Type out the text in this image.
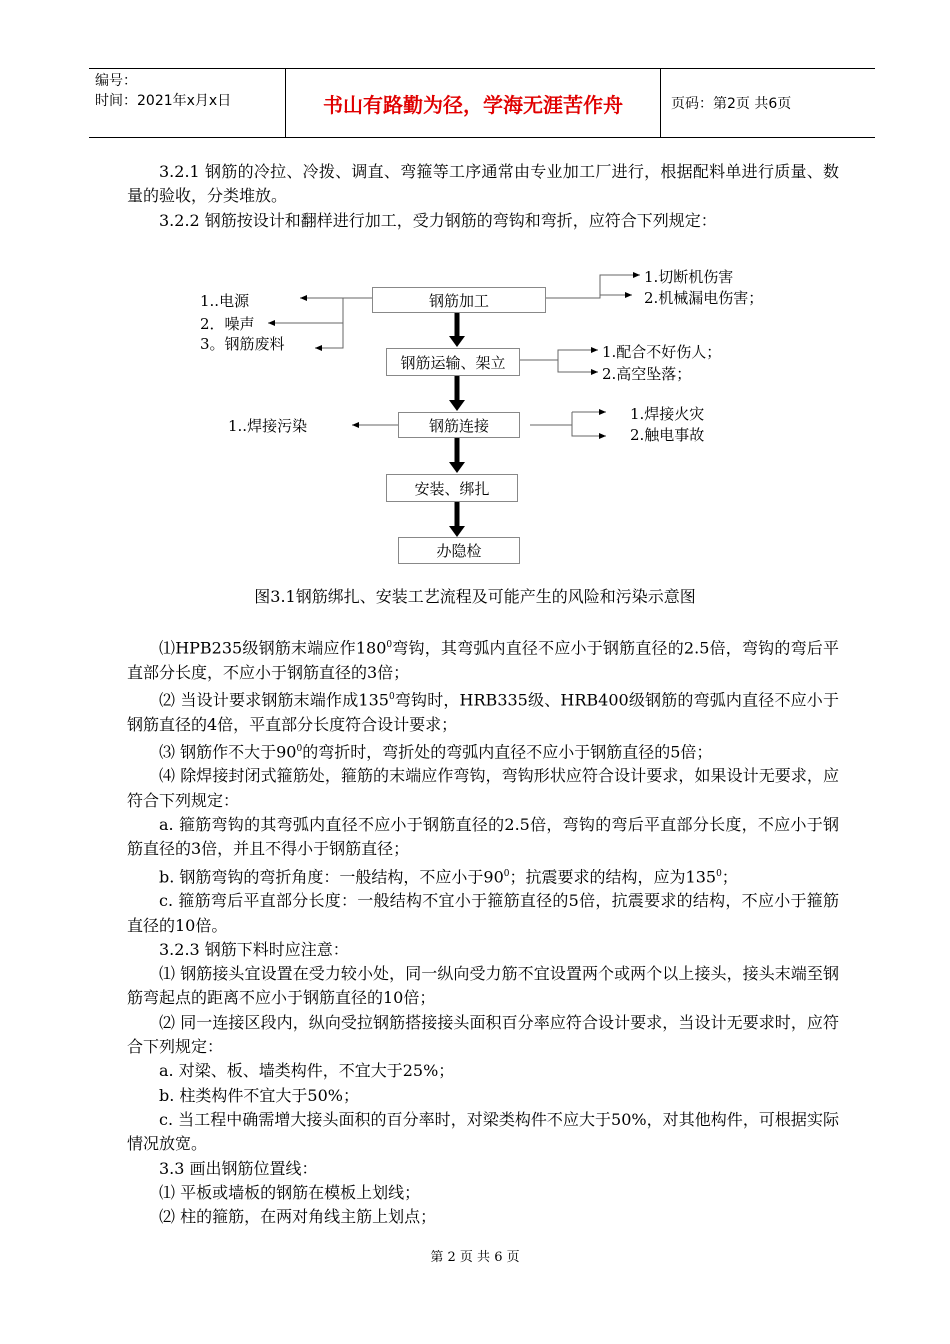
编号：
时间：2021年x月x日	书山有路勤为径，学海无涯苦作舟	页码：第2页 共6页

3.2.1 钢筋的冷拉、冷拨、调直、弯箍等工序通常由专业加工厂进行，根据配料单进行质量、数量的验收，分类堆放。

3.2.2 钢筋按设计和翻样进行加工，受力钢筋的弯钩和弯折，应符合下列规定：

钢筋加工
钢筋运输、架立
钢筋连接
安装、绑扎
办隐检
1..电源
2．噪声
3。钢筋废料
1.切断机伤害
2.机械漏电伤害；
1.配合不好伤人；
2.高空坠落；
1..焊接污染
1.焊接火灾
2.触电事故
图3.1钢筋绑扎、安装工艺流程及可能产生的风险和污染示意图

⑴HPB235级钢筋末端应作$180^0$弯钩，其弯弧内直径不应小于钢筋直径的2.5倍，弯钩的弯后平直部分长度，不应小于钢筋直径的3倍；

⑵ 当设计要求钢筋末端作成$135^0$弯钩时，HRB335级、HRB400级钢筋的弯弧内直径不应小于钢筋直径的4倍，平直部分长度符合设计要求；

⑶ 钢筋作不大于$90^0$的弯折时，弯折处的弯弧内直径不应小于钢筋直径的5倍；

⑷ 除焊接封闭式箍筋处，箍筋的末端应作弯钩，弯钩形状应符合设计要求，如果设计无要求，应符合下列规定：

a. 箍筋弯钩的其弯弧内直径不应小于钢筋直径的2.5倍，弯钩的弯后平直部分长度，不应小于钢筋直径的3倍，并且不得小于钢筋直径；

b. 钢筋弯钩的弯折角度：一般结构，不应小于$90^0$；抗震要求的结构，应为$135^0$；

c. 箍筋弯后平直部分长度：一般结构不宜小于箍筋直径的5倍，抗震要求的结构，不应小于箍筋直径的10倍。

3.2.3 钢筋下料时应注意：

⑴ 钢筋接头宜设置在受力较小处，同一纵向受力筋不宜设置两个或两个以上接头，接头末端至钢筋弯起点的距离不应小于钢筋直径的10倍；

⑵ 同一连接区段内，纵向受拉钢筋搭接接头面积百分率应符合设计要求，当设计无要求时，应符合下列规定：

a. 对梁、板、墙类构件，不宜大于25%；

b. 柱类构件不宜大于50%；

c. 当工程中确需增大接头面积的百分率时，对梁类构件不应大于50%，对其他构件，可根据实际情况放宽。

3.3 画出钢筋位置线：

⑴ 平板或墙板的钢筋在模板上划线；

⑵ 柱的箍筋，在两对角线主筋上划点；

第 2 页 共 6 页
